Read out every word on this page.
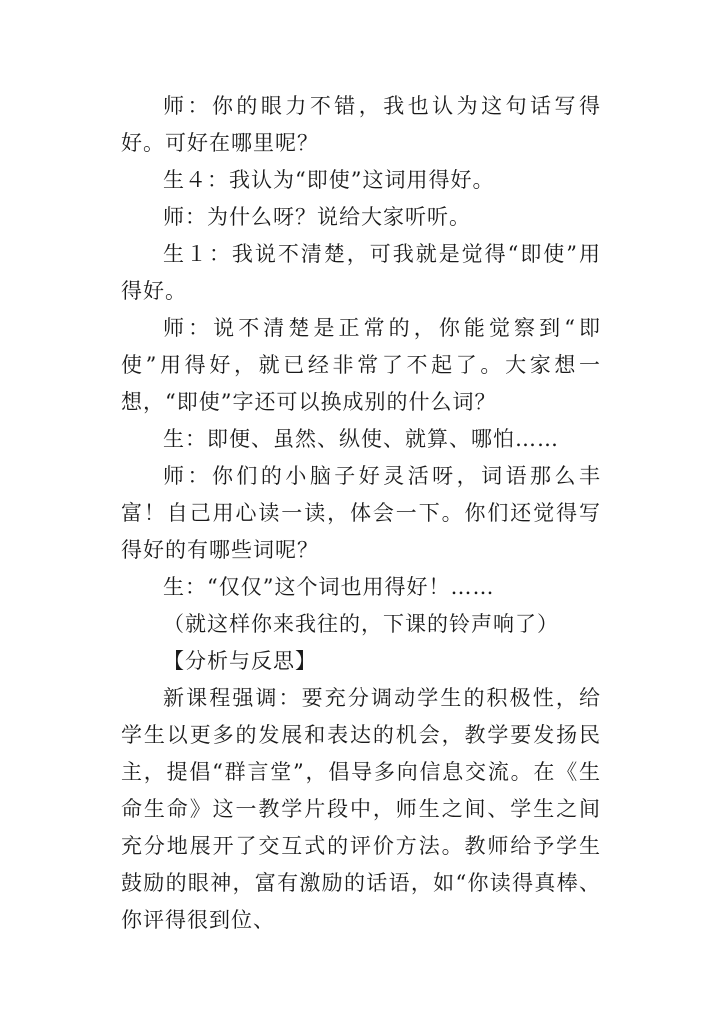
师：你的眼力不错，我也认为这句话写得好。可好在哪里呢？

生４：我认为“即使”这词用得好。

师：为什么呀？说给大家听听。

生１：我说不清楚，可我就是觉得“即使”用得好。

师：说不清楚是正常的，你能觉察到“即使”用得好，就已经非常了不起了。大家想一想，“即使”字还可以换成别的什么词？

生：即便、虽然、纵使、就算、哪怕……

师：你们的小脑子好灵活呀，词语那么丰富！自己用心读一读，体会一下。你们还觉得写得好的有哪些词呢？

生：“仅仅”这个词也用得好！……

（就这样你来我往的，下课的铃声响了）

【分析与反思】

新课程强调：要充分调动学生的积极性，给学生以更多的发展和表达的机会，教学要发扬民主，提倡“群言堂”，倡导多向信息交流。在《生命生命》这一教学片段中，师生之间、学生之间充分地展开了交互式的评价方法。教师给予学生鼓励的眼神，富有激励的话语，如“你读得真棒、你评得很到位、
